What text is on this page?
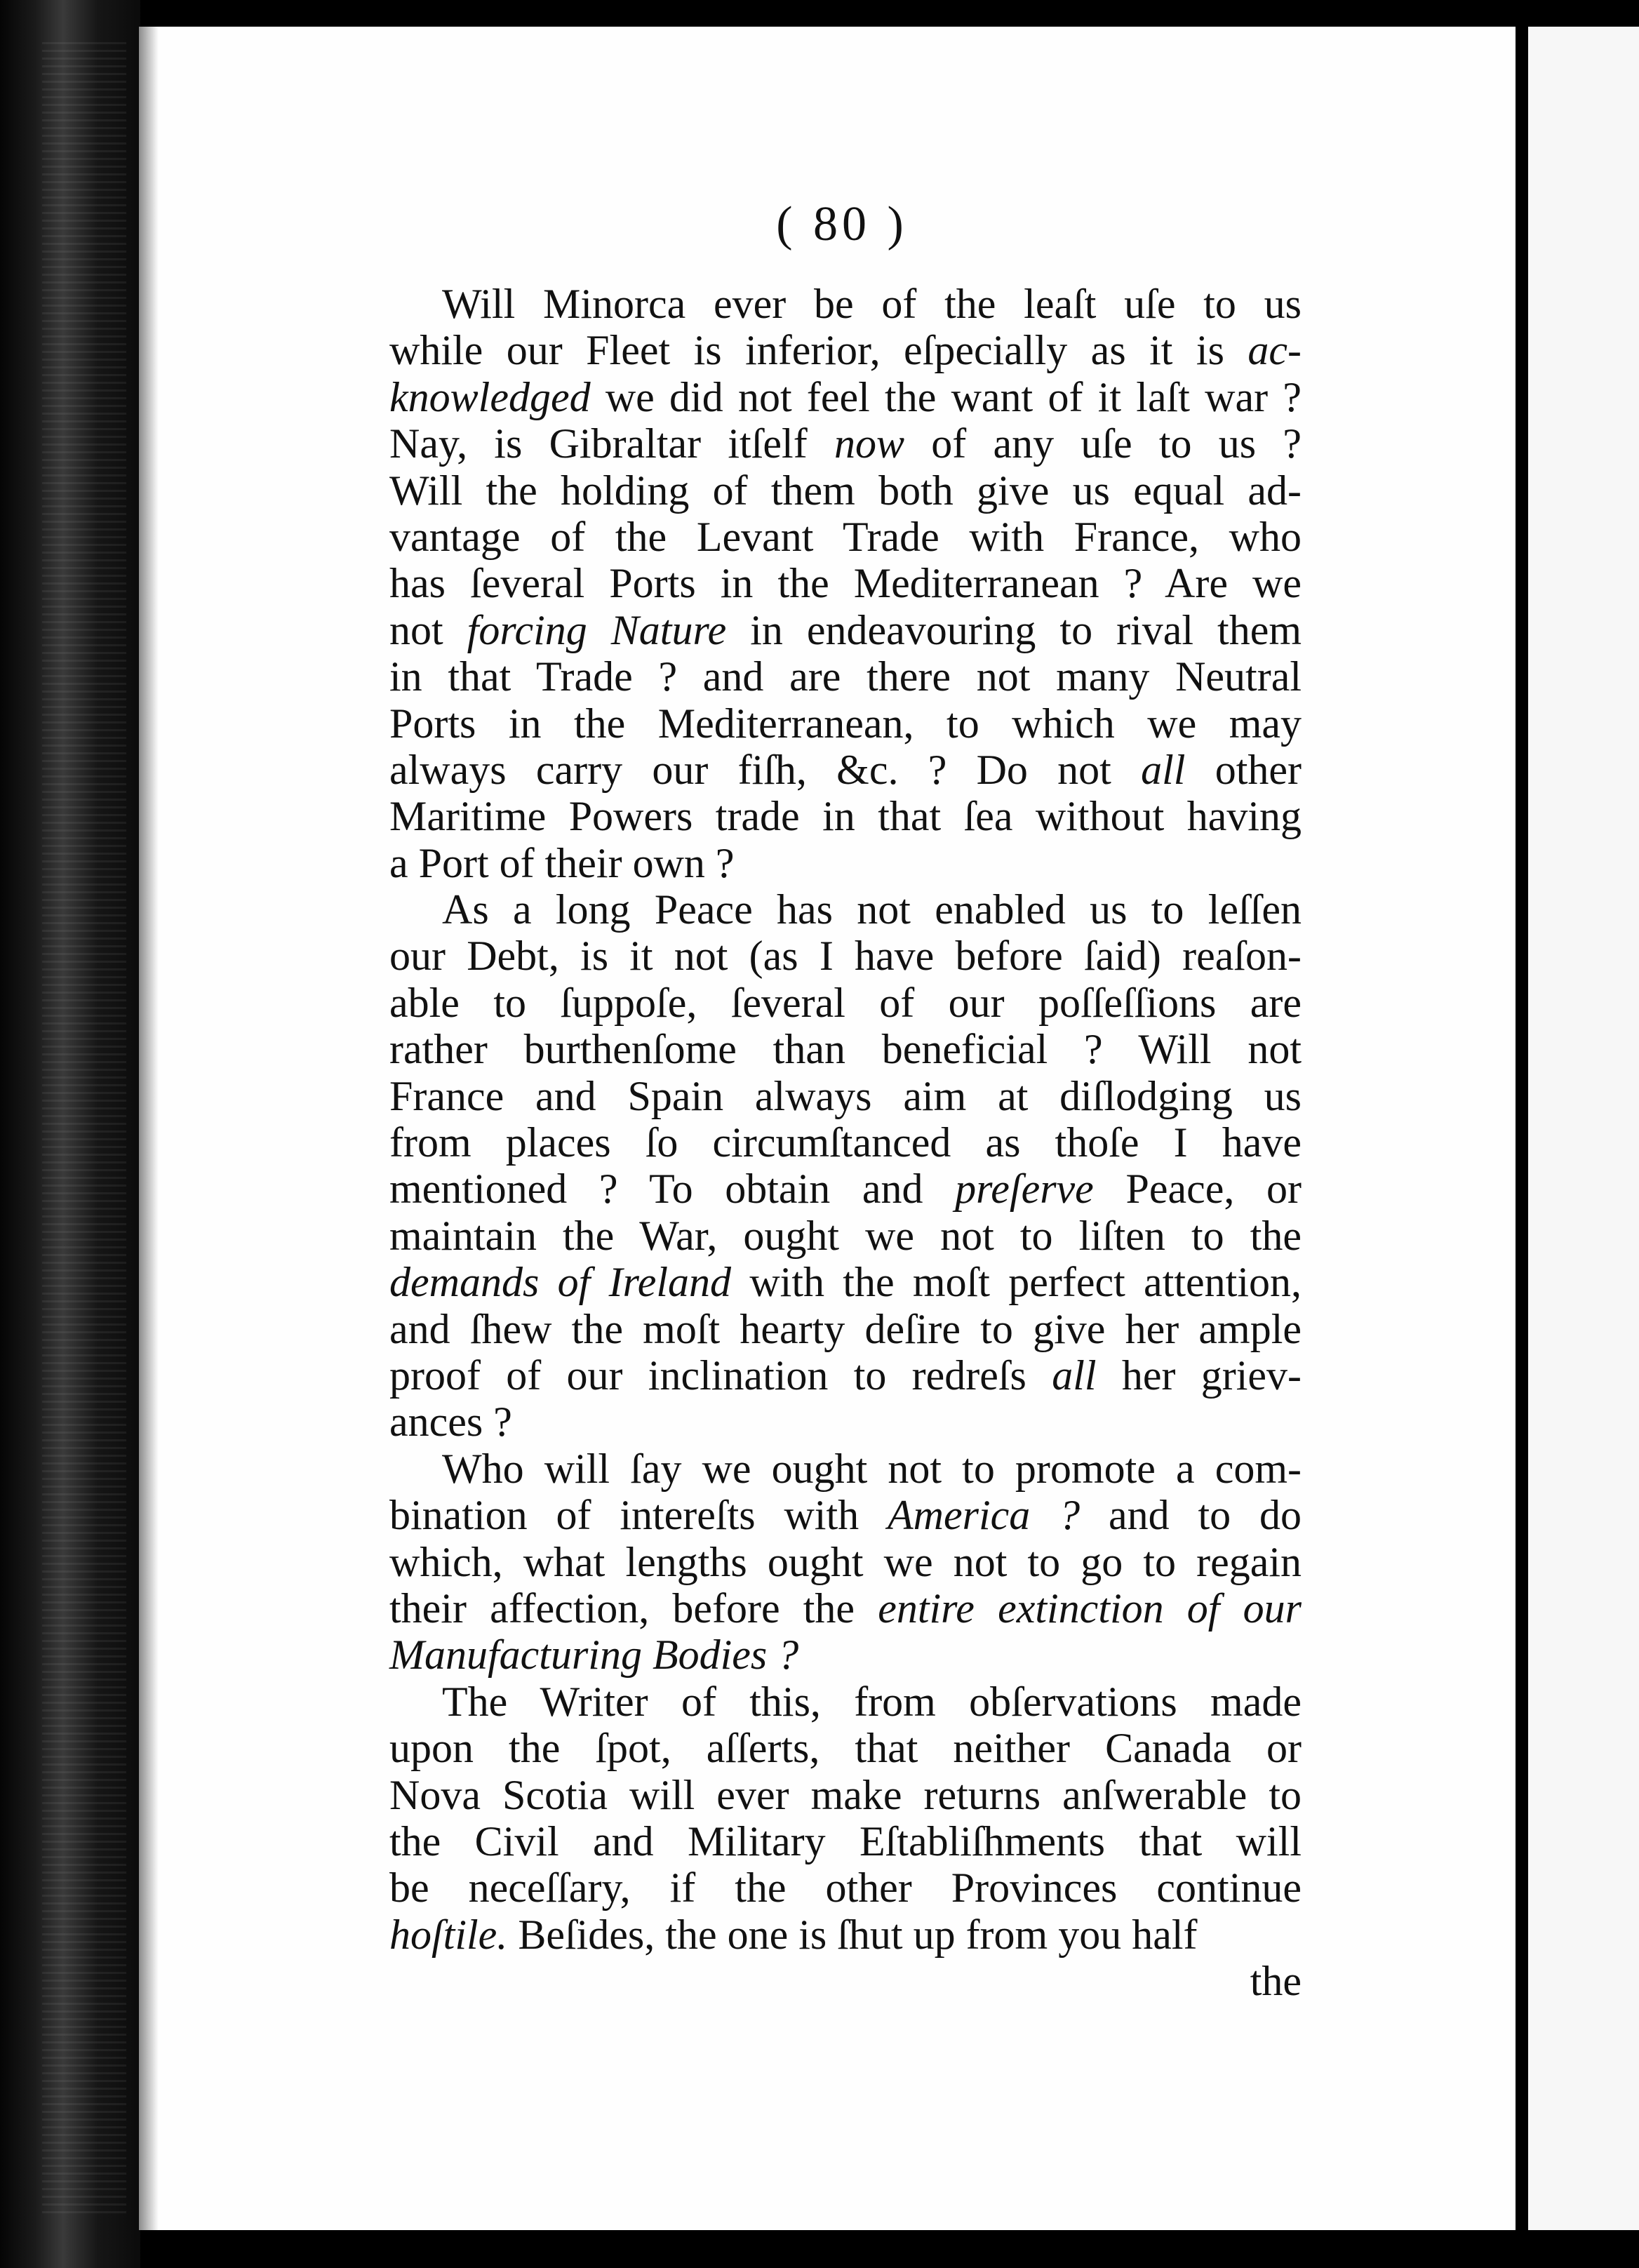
( 80 )
Will Minorca ever be of the leaſt uſe to us
while our Fleet is inferior, eſpecially as it is ac-
knowledged we did not feel the want of it laſt war ?
Nay, is Gibraltar itſelf now of any uſe to us ?
Will the holding of them both give us equal ad-
vantage of the Levant Trade with France, who
has ſeveral Ports in the Mediterranean ? Are we
not forcing Nature in endeavouring to rival them
in that Trade ? and are there not many Neutral
Ports in the Mediterranean, to which we may
always carry our fiſh, &c. ? Do not all other
Maritime Powers trade in that ſea without having
a Port of their own ?
As a long Peace has not enabled us to leſſen
our Debt, is it not (as I have before ſaid) reaſon-
able to ſuppoſe, ſeveral of our poſſeſſions are
rather burthenſome than beneficial ? Will not
France and Spain always aim at diſlodging us
from places ſo circumſtanced as thoſe I have
mentioned ? To obtain and preſerve Peace, or
maintain the War, ought we not to liſten to the
demands of Ireland with the moſt perfect attention,
and ſhew the moſt hearty deſire to give her ample
proof of our inclination to redreſs all her griev-
ances ?
Who will ſay we ought not to promote a com-
bination of intereſts with America ? and to do
which, what lengths ought we not to go to regain
their affection, before the entire extinction of our
Manufacturing Bodies ?
The Writer of this, from obſervations made
upon the ſpot, aſſerts, that neither Canada or
Nova Scotia will ever make returns anſwerable to
the Civil and Military Eſtabliſhments that will
be neceſſary, if the other Provinces continue
hoſtile. Beſides, the one is ſhut up from you half
the
